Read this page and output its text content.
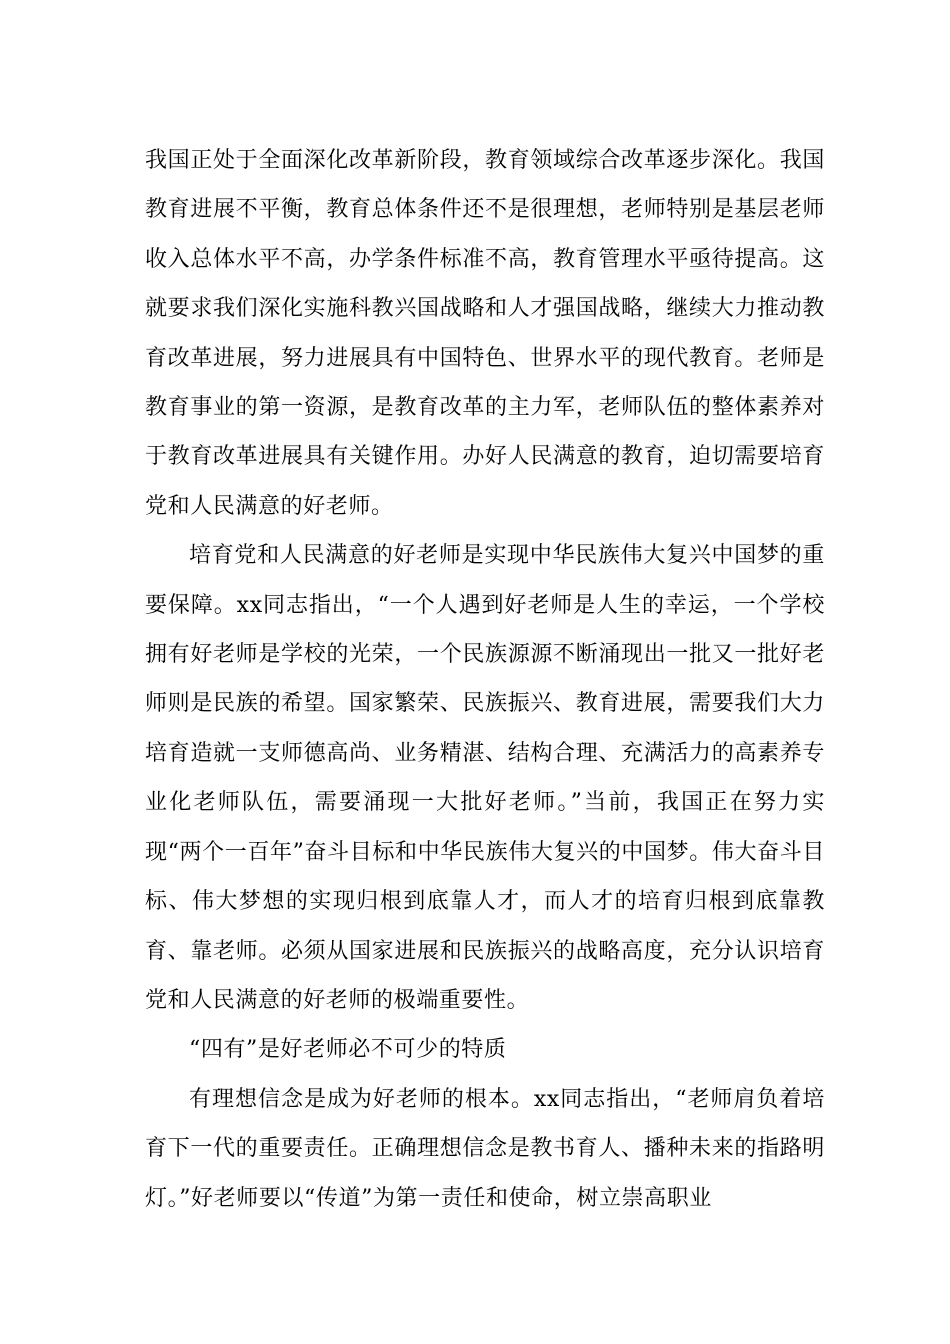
我国正处于全面深化改革新阶段，教育领域综合改革逐步深化。我国教育进展不平衡，教育总体条件还不是很理想，老师特别是基层老师收入总体水平不高，办学条件标准不高，教育管理水平亟待提高。这就要求我们深化实施科教兴国战略和人才强国战略，继续大力推动教育改革进展，努力进展具有中国特色、世界水平的现代教育。老师是教育事业的第一资源，是教育改革的主力军，老师队伍的整体素养对于教育改革进展具有关键作用。办好人民满意的教育，迫切需要培育党和人民满意的好老师。

培育党和人民满意的好老师是实现中华民族伟大复兴中国梦的重要保障。xx同志指出，“一个人遇到好老师是人生的幸运，一个学校拥有好老师是学校的光荣，一个民族源源不断涌现出一批又一批好老师则是民族的希望。国家繁荣、民族振兴、教育进展，需要我们大力培育造就一支师德高尚、业务精湛、结构合理、充满活力的高素养专业化老师队伍，需要涌现一大批好老师。”当前，我国正在努力实现“两个一百年”奋斗目标和中华民族伟大复兴的中国梦。伟大奋斗目标、伟大梦想的实现归根到底靠人才，而人才的培育归根到底靠教育、靠老师。必须从国家进展和民族振兴的战略高度，充分认识培育党和人民满意的好老师的极端重要性。

“四有”是好老师必不可少的特质

有理想信念是成为好老师的根本。xx同志指出，“老师肩负着培育下一代的重要责任。正确理想信念是教书育人、播种未来的指路明灯。”好老师要以“传道”为第一责任和使命，树立崇高职业
